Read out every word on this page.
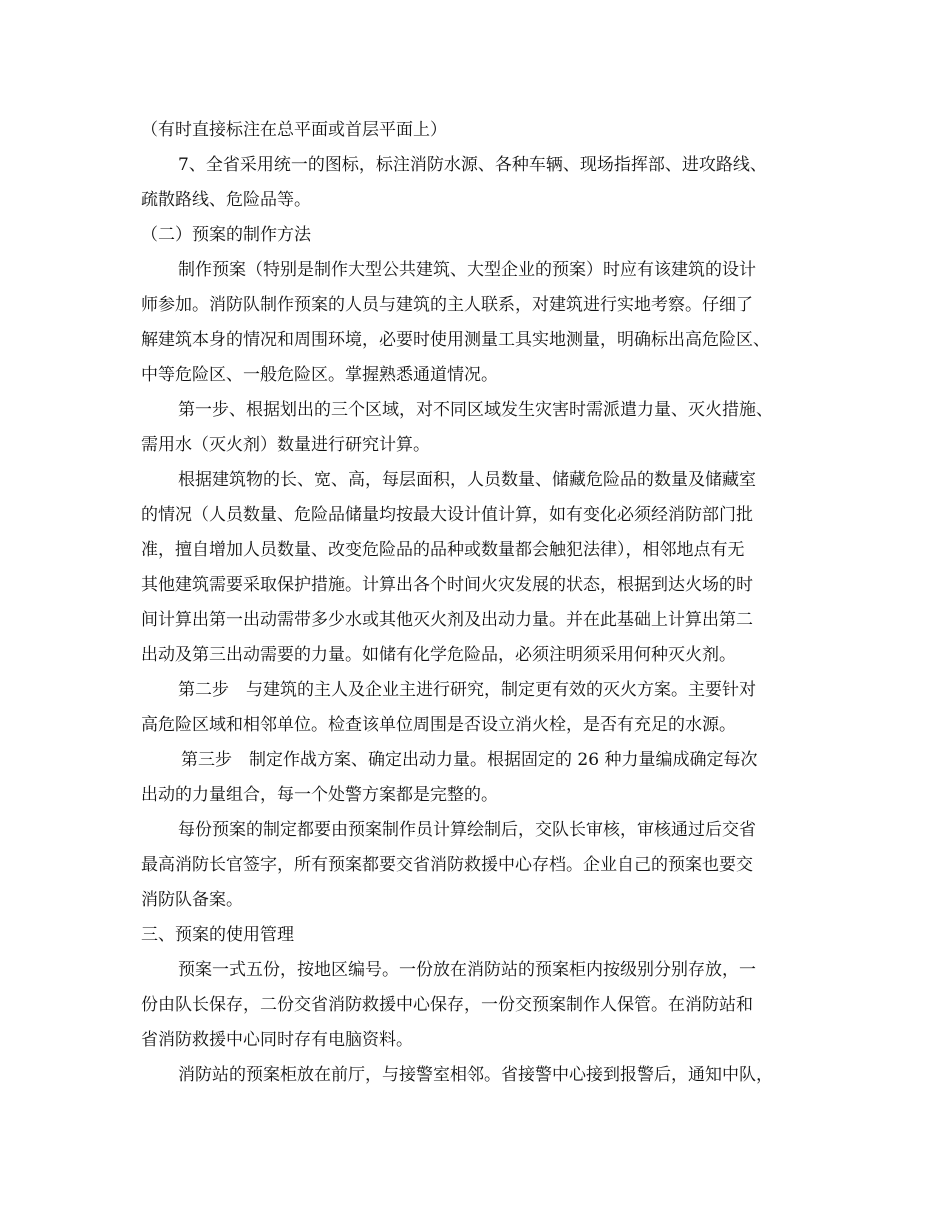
（有时直接标注在总平面或首层平面上）
7、全省采用统一的图标，标注消防水源、各种车辆、现场指挥部、进攻路线、
疏散路线、危险品等。
（二）预案的制作方法
制作预案（特别是制作大型公共建筑、大型企业的预案）时应有该建筑的设计
师参加。消防队制作预案的人员与建筑的主人联系，对建筑进行实地考察。仔细了
解建筑本身的情况和周围环境，必要时使用测量工具实地测量，明确标出高危险区、
中等危险区、一般危险区。掌握熟悉通道情况。
第一步、根据划出的三个区域，对不同区域发生灾害时需派遣力量、灭火措施、
需用水（灭火剂）数量进行研究计算。
根据建筑物的长、宽、高，每层面积，人员数量、储藏危险品的数量及储藏室
的情况（人员数量、危险品储量均按最大设计值计算，如有变化必须经消防部门批
准，擅自增加人员数量、改变危险品的品种或数量都会触犯法律），相邻地点有无
其他建筑需要采取保护措施。计算出各个时间火灾发展的状态，根据到达火场的时
间计算出第一出动需带多少水或其他灭火剂及出动力量。并在此基础上计算出第二
出动及第三出动需要的力量。如储有化学危险品，必须注明须采用何种灭火剂。
第二步　与建筑的主人及企业主进行研究，制定更有效的灭火方案。主要针对
高危险区域和相邻单位。检查该单位周围是否设立消火栓，是否有充足的水源。
第三步　制定作战方案、确定出动力量。根据固定的 26 种力量编成确定每次
出动的力量组合，每一个处警方案都是完整的。
每份预案的制定都要由预案制作员计算绘制后，交队长审核，审核通过后交省
最高消防长官签字，所有预案都要交省消防救援中心存档。企业自己的预案也要交
消防队备案。
三、预案的使用管理
预案一式五份，按地区编号。一份放在消防站的预案柜内按级别分别存放，一
份由队长保存，二份交省消防救援中心保存，一份交预案制作人保管。在消防站和
省消防救援中心同时存有电脑资料。
消防站的预案柜放在前厅，与接警室相邻。省接警中心接到报警后，通知中队，
